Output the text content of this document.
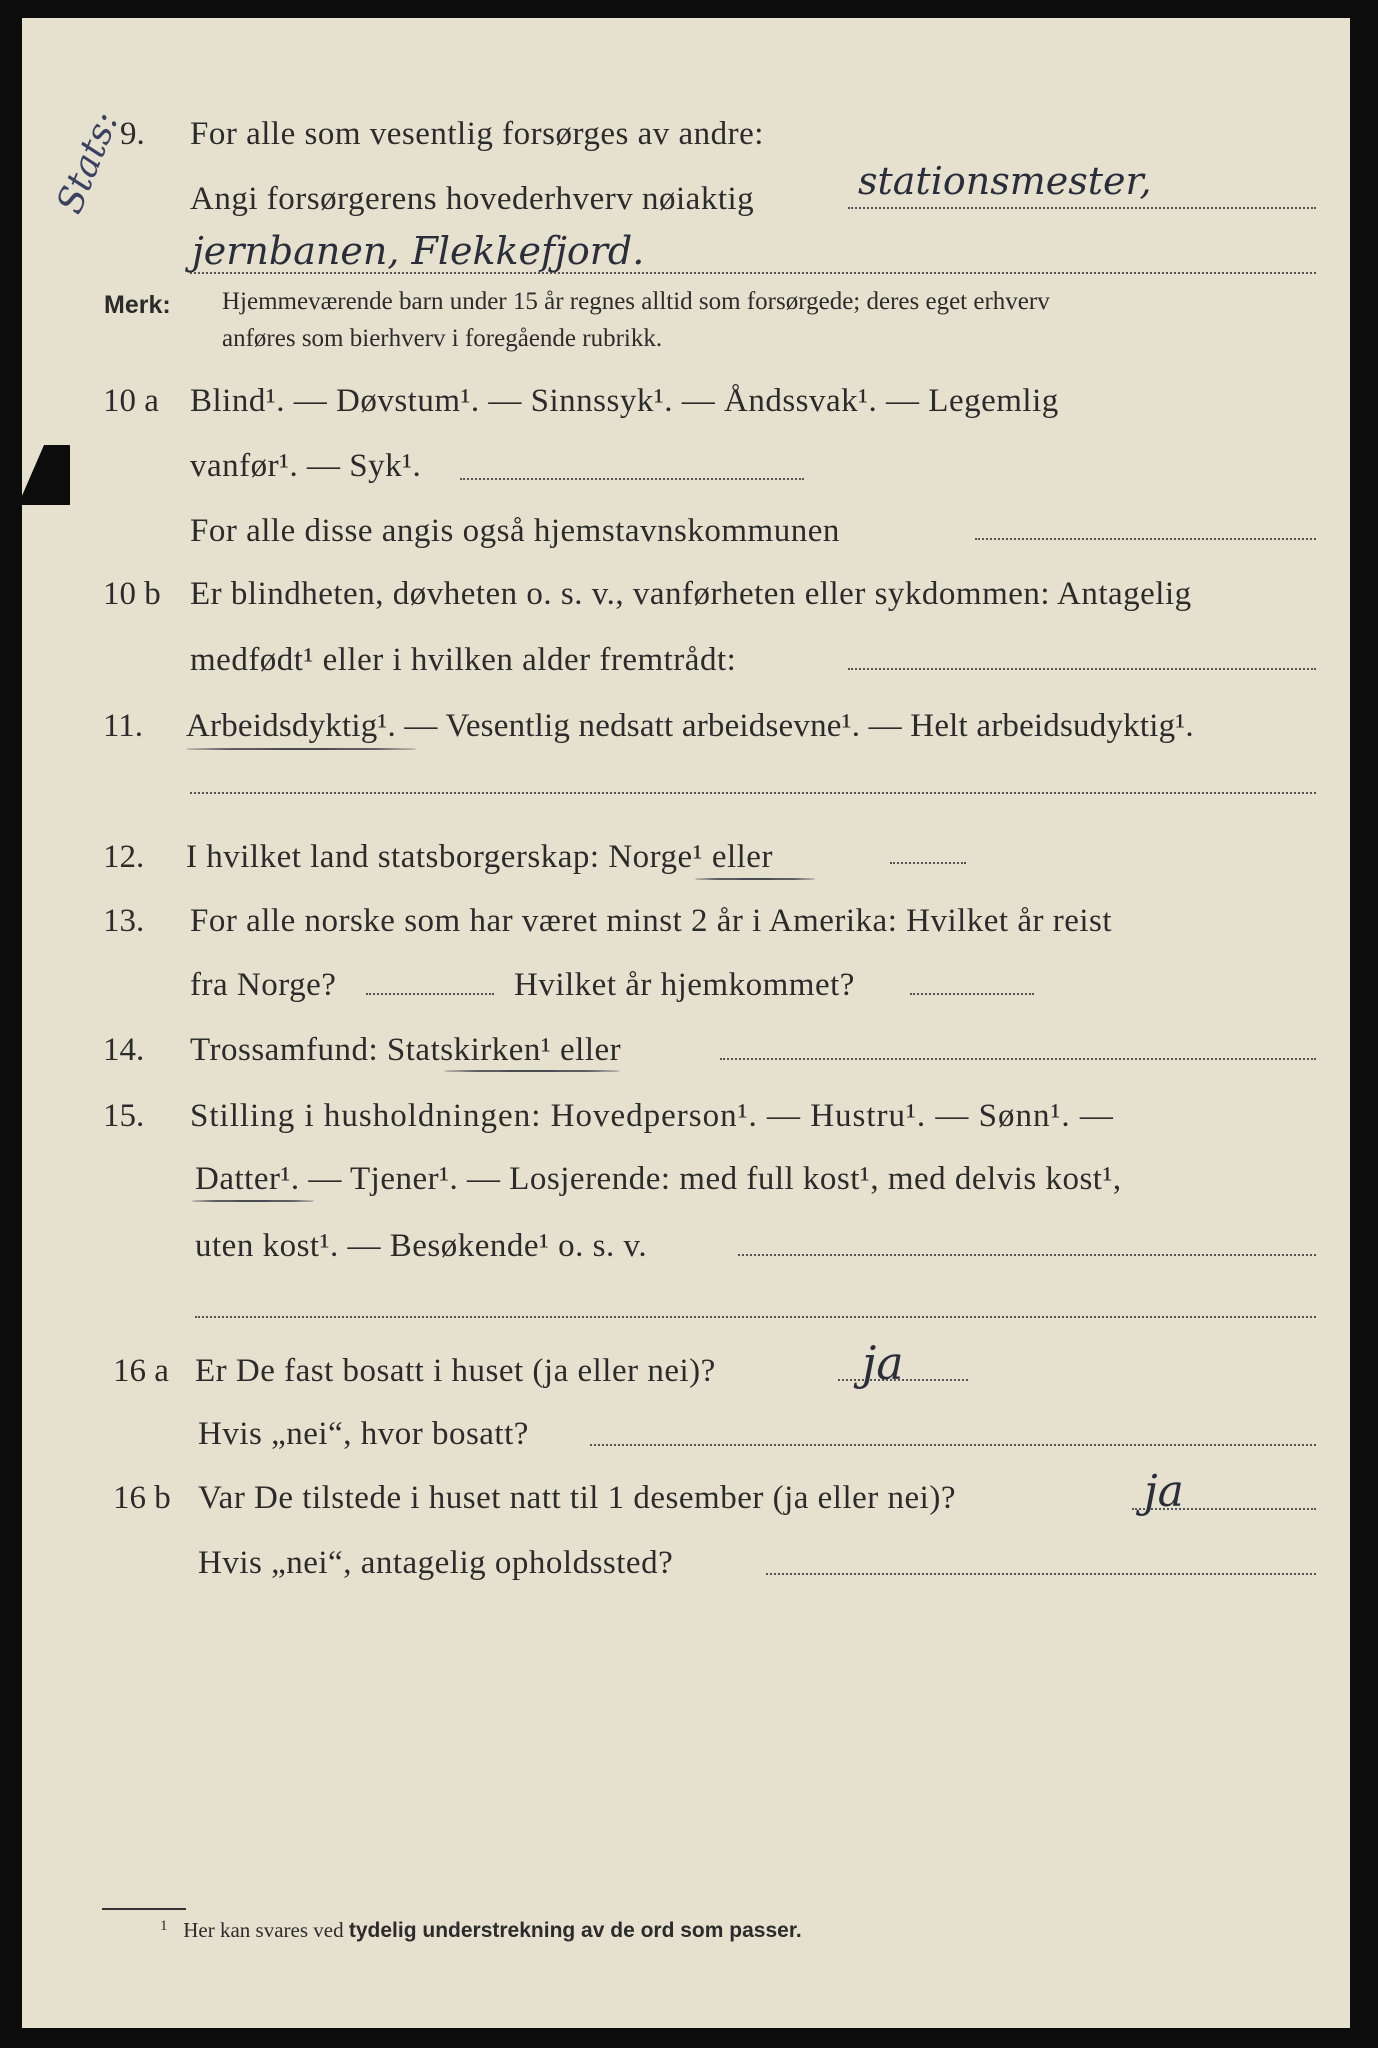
9. For alle som vesentlig forsørges av andre:
Angi forsørgerens hovederhverv nøiaktig	stationsmester,
jernbanen, Flekkefjord.
Stats:
Merk: Hjemmeværende barn under 15 år regnes alltid som forsørgede; deres eget erhverv
anføres som bierhverv i foregående rubrikk.
10 a Blind¹. — Døvstum¹. — Sinnssyk¹. — Åndssvak¹. — Legemlig
vanfør¹. — Syk¹.
For alle disse angis også hjemstavnskommunen
10 b Er blindheten, døvheten o. s. v., vanførheten eller sykdommen: Antagelig
medfødt¹ eller i hvilken alder fremtrådt:
11. Arbeidsdyktig¹. — Vesentlig nedsatt arbeidsevne¹. — Helt arbeidsudyktig¹.
12. I hvilket land statsborgerskap: Norge¹ eller
13. For alle norske som har været minst 2 år i Amerika: Hvilket år reist
fra Norge?	Hvilket år hjemkommet?
14. Trossamfund: Statskirken¹ eller
15. Stilling i husholdningen: Hovedperson¹. — Hustru¹. — Sønn¹. —
Datter¹. — Tjener¹. — Losjerende: med full kost¹, med delvis kost¹,
uten kost¹. — Besøkende¹ o. s. v.
16 a Er De fast bosatt i huset (ja eller nei)?	ja
Hvis „nei“, hvor bosatt?
16 b Var De tilstede i huset natt til 1 desember (ja eller nei)?	ja
Hvis „nei“, antagelig opholdssted?
$^1$ Her kan svares ved tydelig understrekning av de ord som passer.
